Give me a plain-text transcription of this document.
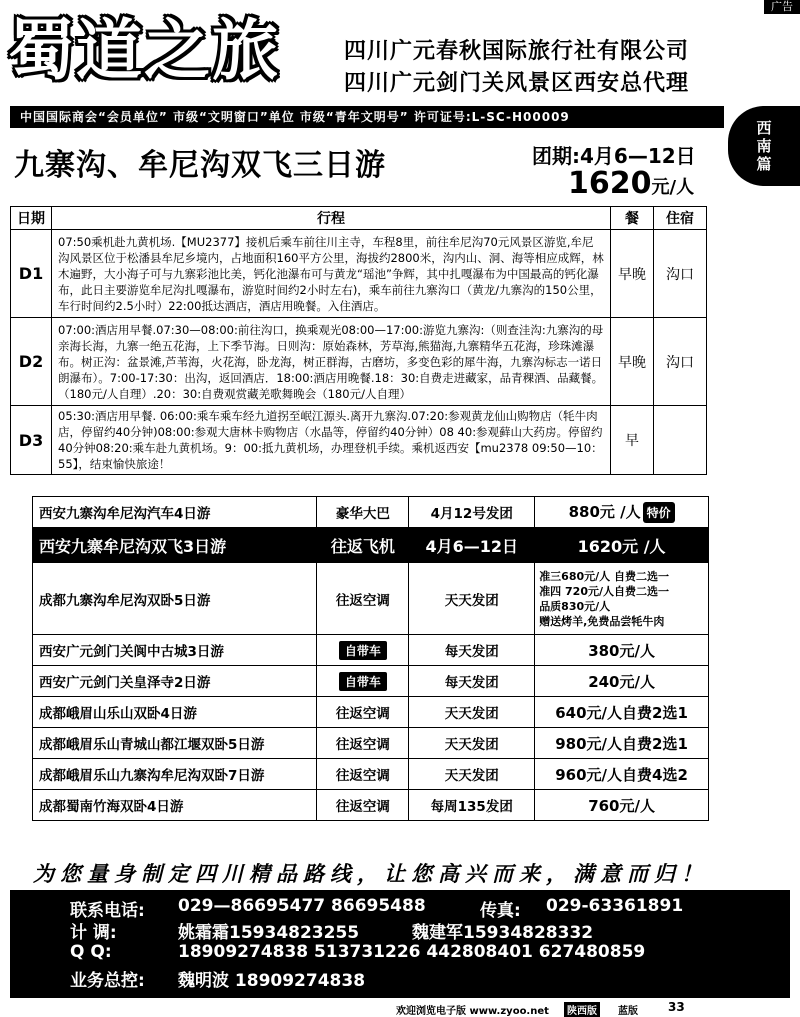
广告
蜀道之旅	四川广元春秋国际旅行社有限公司
四川广元剑门关风景区西安总代理
中国国际商会“会员单位” 市级“文明窗口”单位 市级“青年文明号” 许可证号:L-SC-H00009
西
南
篇
九寨沟、牟尼沟双飞三日游	团期:4月6—12日
1620元/人
日期	行程	餐	住宿
D1	07:50乘机赴九黄机场.【MU2377】接机后乘车前往川主寺，车程8里，前往牟尼沟70元风景区游览,牟尼沟风景区位于松潘县牟尼乡境内，占地面积160平方公里，海拔约2800米，沟内山、洞、海等相应成辉，林木遍野，大小海子可与九寨彩池比美，钙化池瀑布可与黄龙“瑶池”争辉，其中扎嘎瀑布为中国最高的钙化瀑布，此日主要游览牟尼沟扎嘎瀑布，游览时间约2小时左右)，乘车前往九寨沟口（黄龙/九寨沟的150公里，车行时间约2.5小时）22:00抵达酒店，酒店用晚餐。入住酒店。	早晚	沟口
D2	07:00:酒店用早餐.07:30—08:00:前往沟口，换乘观光08:00—17:00:游览九寨沟:（则查洼沟:九寨沟的母亲海长海，九寨一绝五花海，上下季节海。日则沟：原始森林，芳草海,熊猫海,九寨精华五花海，珍珠滩瀑布。树正沟：盆景滩,芦苇海，火花海，卧龙海，树正群海，古磨坊，多变色彩的犀牛海，九寨沟标志一诺日朗瀑布）。7:00-17:30：出沟，返回酒店．18:00:酒店用晚餐.18：30:自费走进藏家，品青稞酒、品藏餐。（180元/人自理）.20：30:自费观赏藏羌歌舞晚会（180元/人自理）	早晚	沟口
D3	05:30:酒店用早餐. 06:00:乘车乘车经九道拐至岷江源头.离开九寨沟.07:20:参观黄龙仙山购物店（牦牛肉店，停留约40分钟)08:00:参观大唐林卡购物店（水晶等，停留约40分钟）08 40:参观藓山大药房。停留约40分钟08:20:乘车赴九黄机场。9：00:抵九黄机场，办理登机手续。乘机返西安【mu2378 09:50—10：55】，结束愉快旅途！	早	
西安九寨沟牟尼沟汽车4日游	豪华大巴	4月12号发团	880元 /人 特价
西安九寨牟尼沟双飞3日游	往返飞机	4月6—12日	1620元 /人
成都九寨沟牟尼沟双卧5日游	往返空调	天天发团	准三680元/人 自费二选一
准四 720元/人自费二选一
品质830元/人
赠送烤羊,免费品尝牦牛肉

西安广元剑门关阆中古城3日游	自带车	每天发团	380元/人
西安广元剑门关皇泽寺2日游	自带车	每天发团	240元/人
成都峨眉山乐山双卧4日游	往返空调	天天发团	640元/人自费2选1
成都峨眉乐山青城山都江堰双卧5日游	往返空调	天天发团	980元/人自费2选1
成都峨眉乐山九寨沟牟尼沟双卧7日游	往返空调	天天发团	960元/人自费4选2
成都蜀南竹海双卧4日游	往返空调	每周135发团	760元/人
为您量身制定四川精品路线，让您高兴而来，满意而归！
联系电话: 029—86695477 86695488	传真: 029-63361891
计 调:	姚霜霜15934823255	魏建军15934828332
Q Q:	18909274838 513731226 442808401 627480859
业务总控: 魏明波 18909274838
欢迎浏览电子版 www.zyoo.net	陕西版	蓝版	33
